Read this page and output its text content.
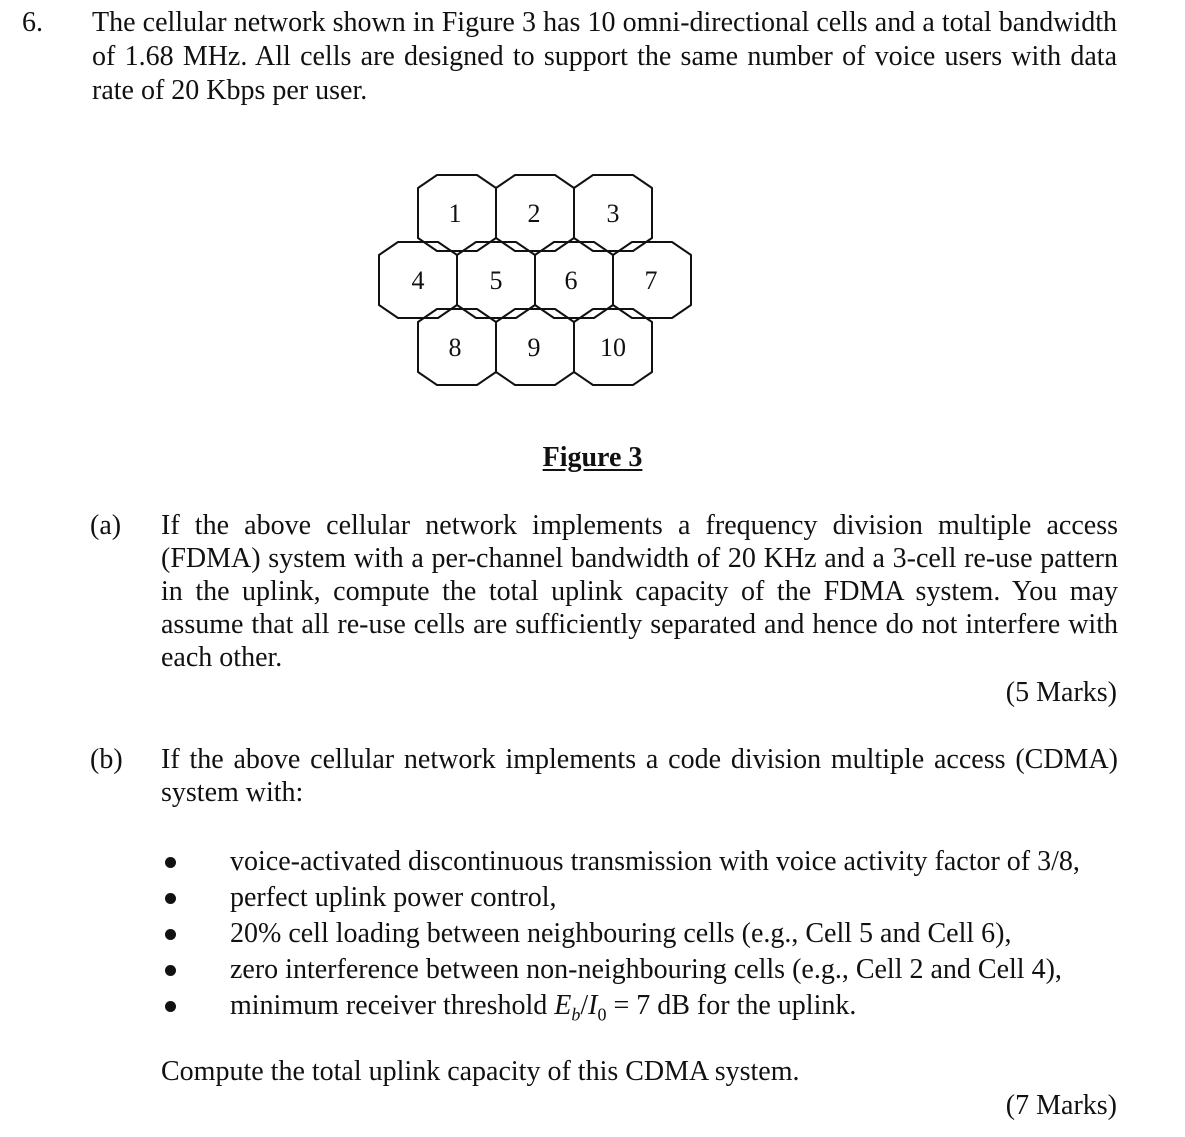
6. The cellular network shown in Figure 3 has 10 omni-directional cells and a total bandwidth of 1.68 MHz. All cells are designed to support the same number of voice users with data rate of 20 Kbps per user.

1	2	3
4	5 6	7
8	9 10

Figure 3

(a) If the above cellular network implements a frequency division multiple access (FDMA) system with a per-channel bandwidth of 20 KHz and a 3-cell re-use pattern in the uplink, compute the total uplink capacity of the FDMA system. You may assume that all re-use cells are sufficiently separated and hence do not interfere with each other.

(5 Marks)

(b) If the above cellular network implements a code division multiple access (CDMA) system with:

voice-activated discontinuous transmission with voice activity factor of 3/8,
perfect uplink power control,
20% cell loading between neighbouring cells (e.g., Cell 5 and Cell 6),
zero interference between non-neighbouring cells (e.g., Cell 2 and Cell 4),
minimum receiver threshold $E_b/I_0 = 7$ dB for the uplink.

Compute the total uplink capacity of this CDMA system.

(7 Marks)
